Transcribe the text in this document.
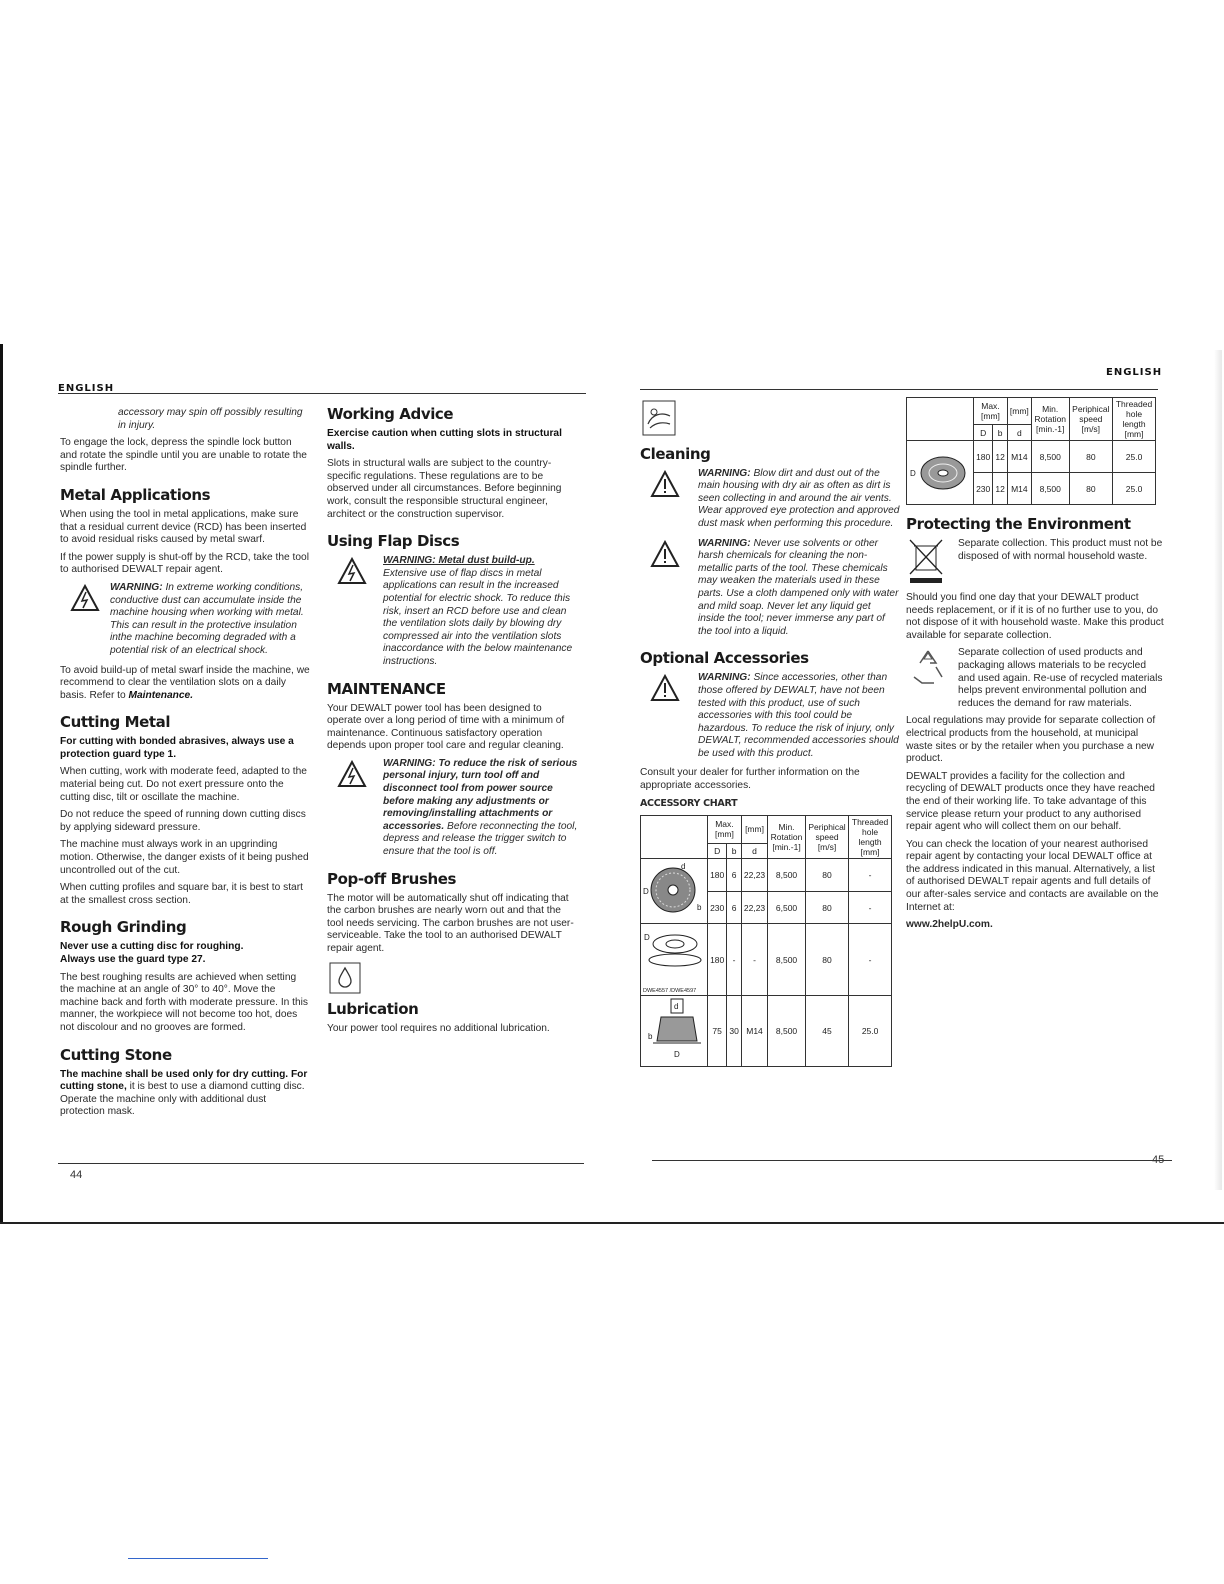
ENGLISH
ENGLISH

accessory may spin off possibly resulting in injury.

To engage the lock, depress the spindle lock button and rotate the spindle until you are unable to rotate the spindle further.

Metal Applications

When using the tool in metal applications, make sure that a residual current device (RCD) has been inserted to avoid residual risks caused by metal swarf.

If the power supply is shut-off by the RCD, take the tool to authorised DEWALT repair agent.

WARNING: In extreme working conditions, conductive dust can accumulate inside the machine housing when working with metal. This can result in the protective insulation inthe machine becoming degraded with a potential risk of an electrical shock.

To avoid build-up of metal swarf inside the machine, we recommend to clear the ventilation slots on a daily basis. Refer to Maintenance.

Cutting Metal

For cutting with bonded abrasives, always use a protection guard type 1.

When cutting, work with moderate feed, adapted to the material being cut. Do not exert pressure onto the cutting disc, tilt or oscillate the machine.

Do not reduce the speed of running down cutting discs by applying sideward pressure.

The machine must always work in an upgrinding motion. Otherwise, the danger exists of it being pushed uncontrolled out of the cut.

When cutting profiles and square bar, it is best to start at the smallest cross section.

Rough Grinding

Never use a cutting disc for roughing.

Always use the guard type 27.

The best roughing results are achieved when setting the machine at an angle of 30° to 40°. Move the machine back and forth with moderate pressure. In this manner, the workpiece will not become too hot, does not discolour and no grooves are formed.

Cutting Stone

The machine shall be used only for dry cutting. For cutting stone, it is best to use a diamond cutting disc. Operate the machine only with additional dust protection mask.

Working Advice

Exercise caution when cutting slots in structural walls.

Slots in structural walls are subject to the country-specific regulations. These regulations are to be observed under all circumstances. Before beginning work, consult the responsible structural engineer, architect or the construction supervisor.

Using Flap Discs
WARNING: Metal dust build-up.
Extensive use of flap discs in metal applications can result in the increased potential for electric shock. To reduce this risk, insert an RCD before use and clean the ventilation slots daily by blowing dry compressed air into the ventilation slots inaccordance with the below maintenance instructions.
MAINTENANCE

Your DEWALT power tool has been designed to operate over a long period of time with a minimum of maintenance. Continuous satisfactory operation depends upon proper tool care and regular cleaning.

WARNING: To reduce the risk of serious personal injury, turn tool off and disconnect tool from power source before making any adjustments or removing/installing attachments or accessories. Before reconnecting the tool, depress and release the trigger switch to ensure that the tool is off.
Pop-off Brushes

The motor will be automatically shut off indicating that the carbon brushes are nearly worn out and that the tool needs servicing. The carbon brushes are not user-serviceable. Take the tool to an authorised DEWALT repair agent.

Lubrication

Your power tool requires no additional lubrication.

Cleaning
WARNING: Blow dirt and dust out of the main housing with dry air as often as dirt is seen collecting in and around the air vents. Wear approved eye protection and approved dust mask when performing this procedure.
WARNING: Never use solvents or other harsh chemicals for cleaning the non-metallic parts of the tool. These chemicals may weaken the materials used in these parts. Use a cloth dampened only with water and mild soap. Never let any liquid get inside the tool; never immerse any part of the tool into a liquid.
Optional Accessories
WARNING: Since accessories, other than those offered by DEWALT, have not been tested with this product, use of such accessories with this tool could be hazardous. To reduce the risk of injury, only DEWALT, recommended accessories should be used with this product.

Consult your dealer for further information on the appropriate accessories.

ACCESSORY CHART

	Max. [mm]		[mm]	Min. Rotation [min.-1]	Periphical speed [m/s]	Threaded hole length [mm]
	D	b	d			

D
d
b	180	6	22,23	8,500	80	-
	230	6	22,23	6,500	80	-

D
DWE4557 /DWE4597	180	-	-	8,500	80	-

d
b
D	75	30	M14	8,500	45	25.0
	Max. [mm]		[mm]	Min. Rotation [min.-1]	Periphical speed [m/s]	Threaded hole length [mm]
	D	b	d			

D	180	12	M14	8,500	80	25.0
	230	12	M14	8,500	80	25.0
Protecting the Environment

Separate collection. This product must not be disposed of with normal household waste.

Should you find one day that your DEWALT product needs replacement, or if it is of no further use to you, do not dispose of it with household waste. Make this product available for separate collection.

Separate collection of used products and packaging allows materials to be recycled and used again. Re-use of recycled materials helps prevent environmental pollution and reduces the demand for raw materials.

Local regulations may provide for separate collection of electrical products from the household, at municipal waste sites or by the retailer when you purchase a new product.

DEWALT provides a facility for the collection and recycling of DEWALT products once they have reached the end of their working life. To take advantage of this service please return your product to any authorised repair agent who will collect them on our behalf.

You can check the location of your nearest authorised repair agent by contacting your local DEWALT office at the address indicated in this manual. Alternatively, a list of authorised DEWALT repair agents and full details of our after-sales service and contacts are available on the Internet at:

www.2helpU.com.

44
45
